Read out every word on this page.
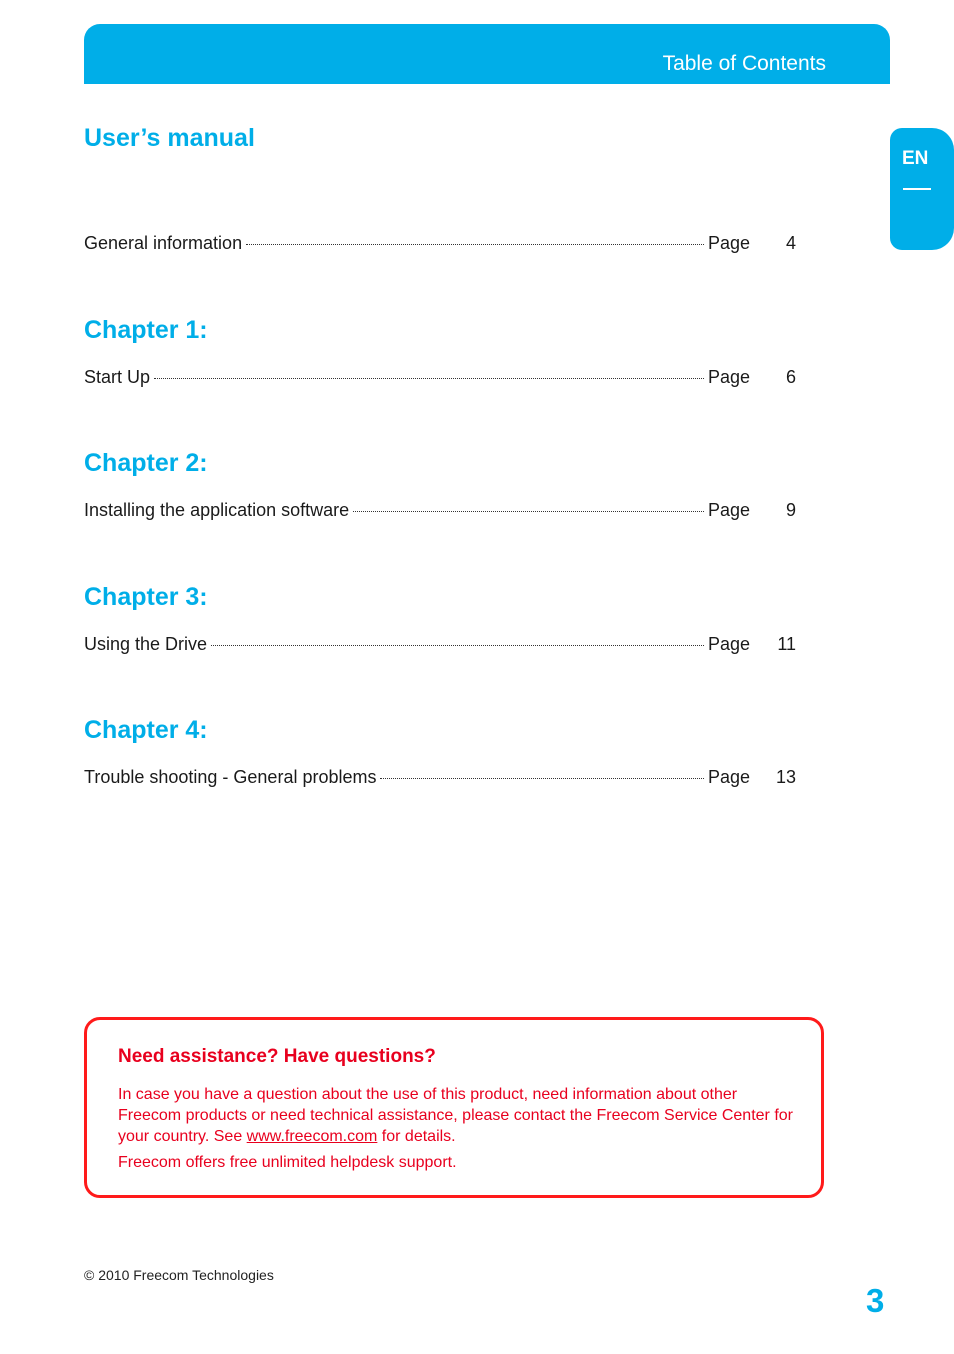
Table of Contents
EN
User’s manual
General information	Page 4
Chapter 1:
Start Up	Page 6
Chapter 2:
Installing the application software	Page 9
Chapter 3:
Using the Drive	Page 11
Chapter 4:
Trouble shooting - General problems	Page 13
Need assistance? Have questions?

In case you have a question about the use of this product, need information about other Freecom products or need technical assistance, please contact the Freecom Service Center for your country. See www.freecom.com for details.

Freecom offers free unlimited helpdesk support.

© 2010 Freecom Technologies
3
